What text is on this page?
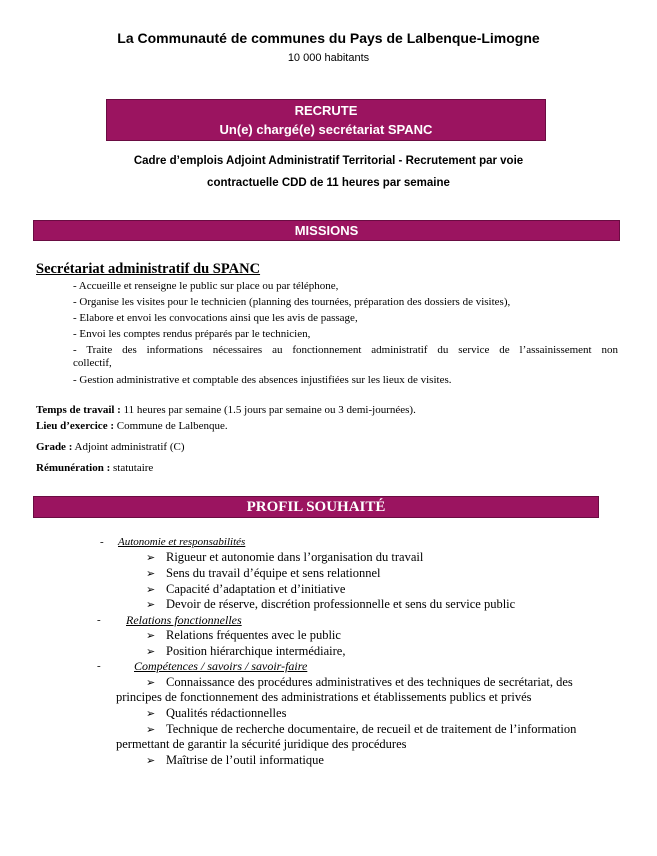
La Communauté de communes du Pays de Lalbenque-Limogne
10 000 habitants
RECRUTE
Un(e) chargé(e) secrétariat SPANC
Cadre d’emplois Adjoint Administratif Territorial - Recrutement par voie
contractuelle CDD de 11 heures par semaine
MISSIONS
Secrétariat administratif du SPANC
- Accueille et renseigne le public sur place ou par téléphone,
- Organise les visites pour le technicien (planning des tournées, préparation des dossiers de visites),
- Elabore et envoi les convocations ainsi que les avis de passage,
- Envoi les comptes rendus préparés par le technicien,
- Traite des informations nécessaires au fonctionnement administratif du service de l’assainissement non
collectif,
- Gestion administrative et comptable des absences injustifiées sur les lieux de visites.
Temps de travail : 11 heures par semaine (1.5 jours par semaine ou 3 demi-journées).
Lieu d’exercice : Commune de Lalbenque.
Grade : Adjoint administratif (C)
Rémunération : statutaire
PROFIL SOUHAITÉ
- Autonomie et responsabilités
➢ Rigueur et autonomie dans l’organisation du travail
➢ Sens du travail d’équipe et sens relationnel
➢ Capacité d’adaptation et d’initiative
➢ Devoir de réserve, discrétion professionnelle et sens du service public
- Relations fonctionnelles
➢ Relations fréquentes avec le public
➢ Position hiérarchique intermédiaire,
-	Compétences / savoirs / savoir-faire
➢ Connaissance des procédures administratives et des techniques de secrétariat, des
principes de fonctionnement des administrations et établissements publics et privés
➢ Qualités rédactionnelles
➢ Technique de recherche documentaire, de recueil et de traitement de l’information
permettant de garantir la sécurité juridique des procédures
➢ Maîtrise de l’outil informatique
